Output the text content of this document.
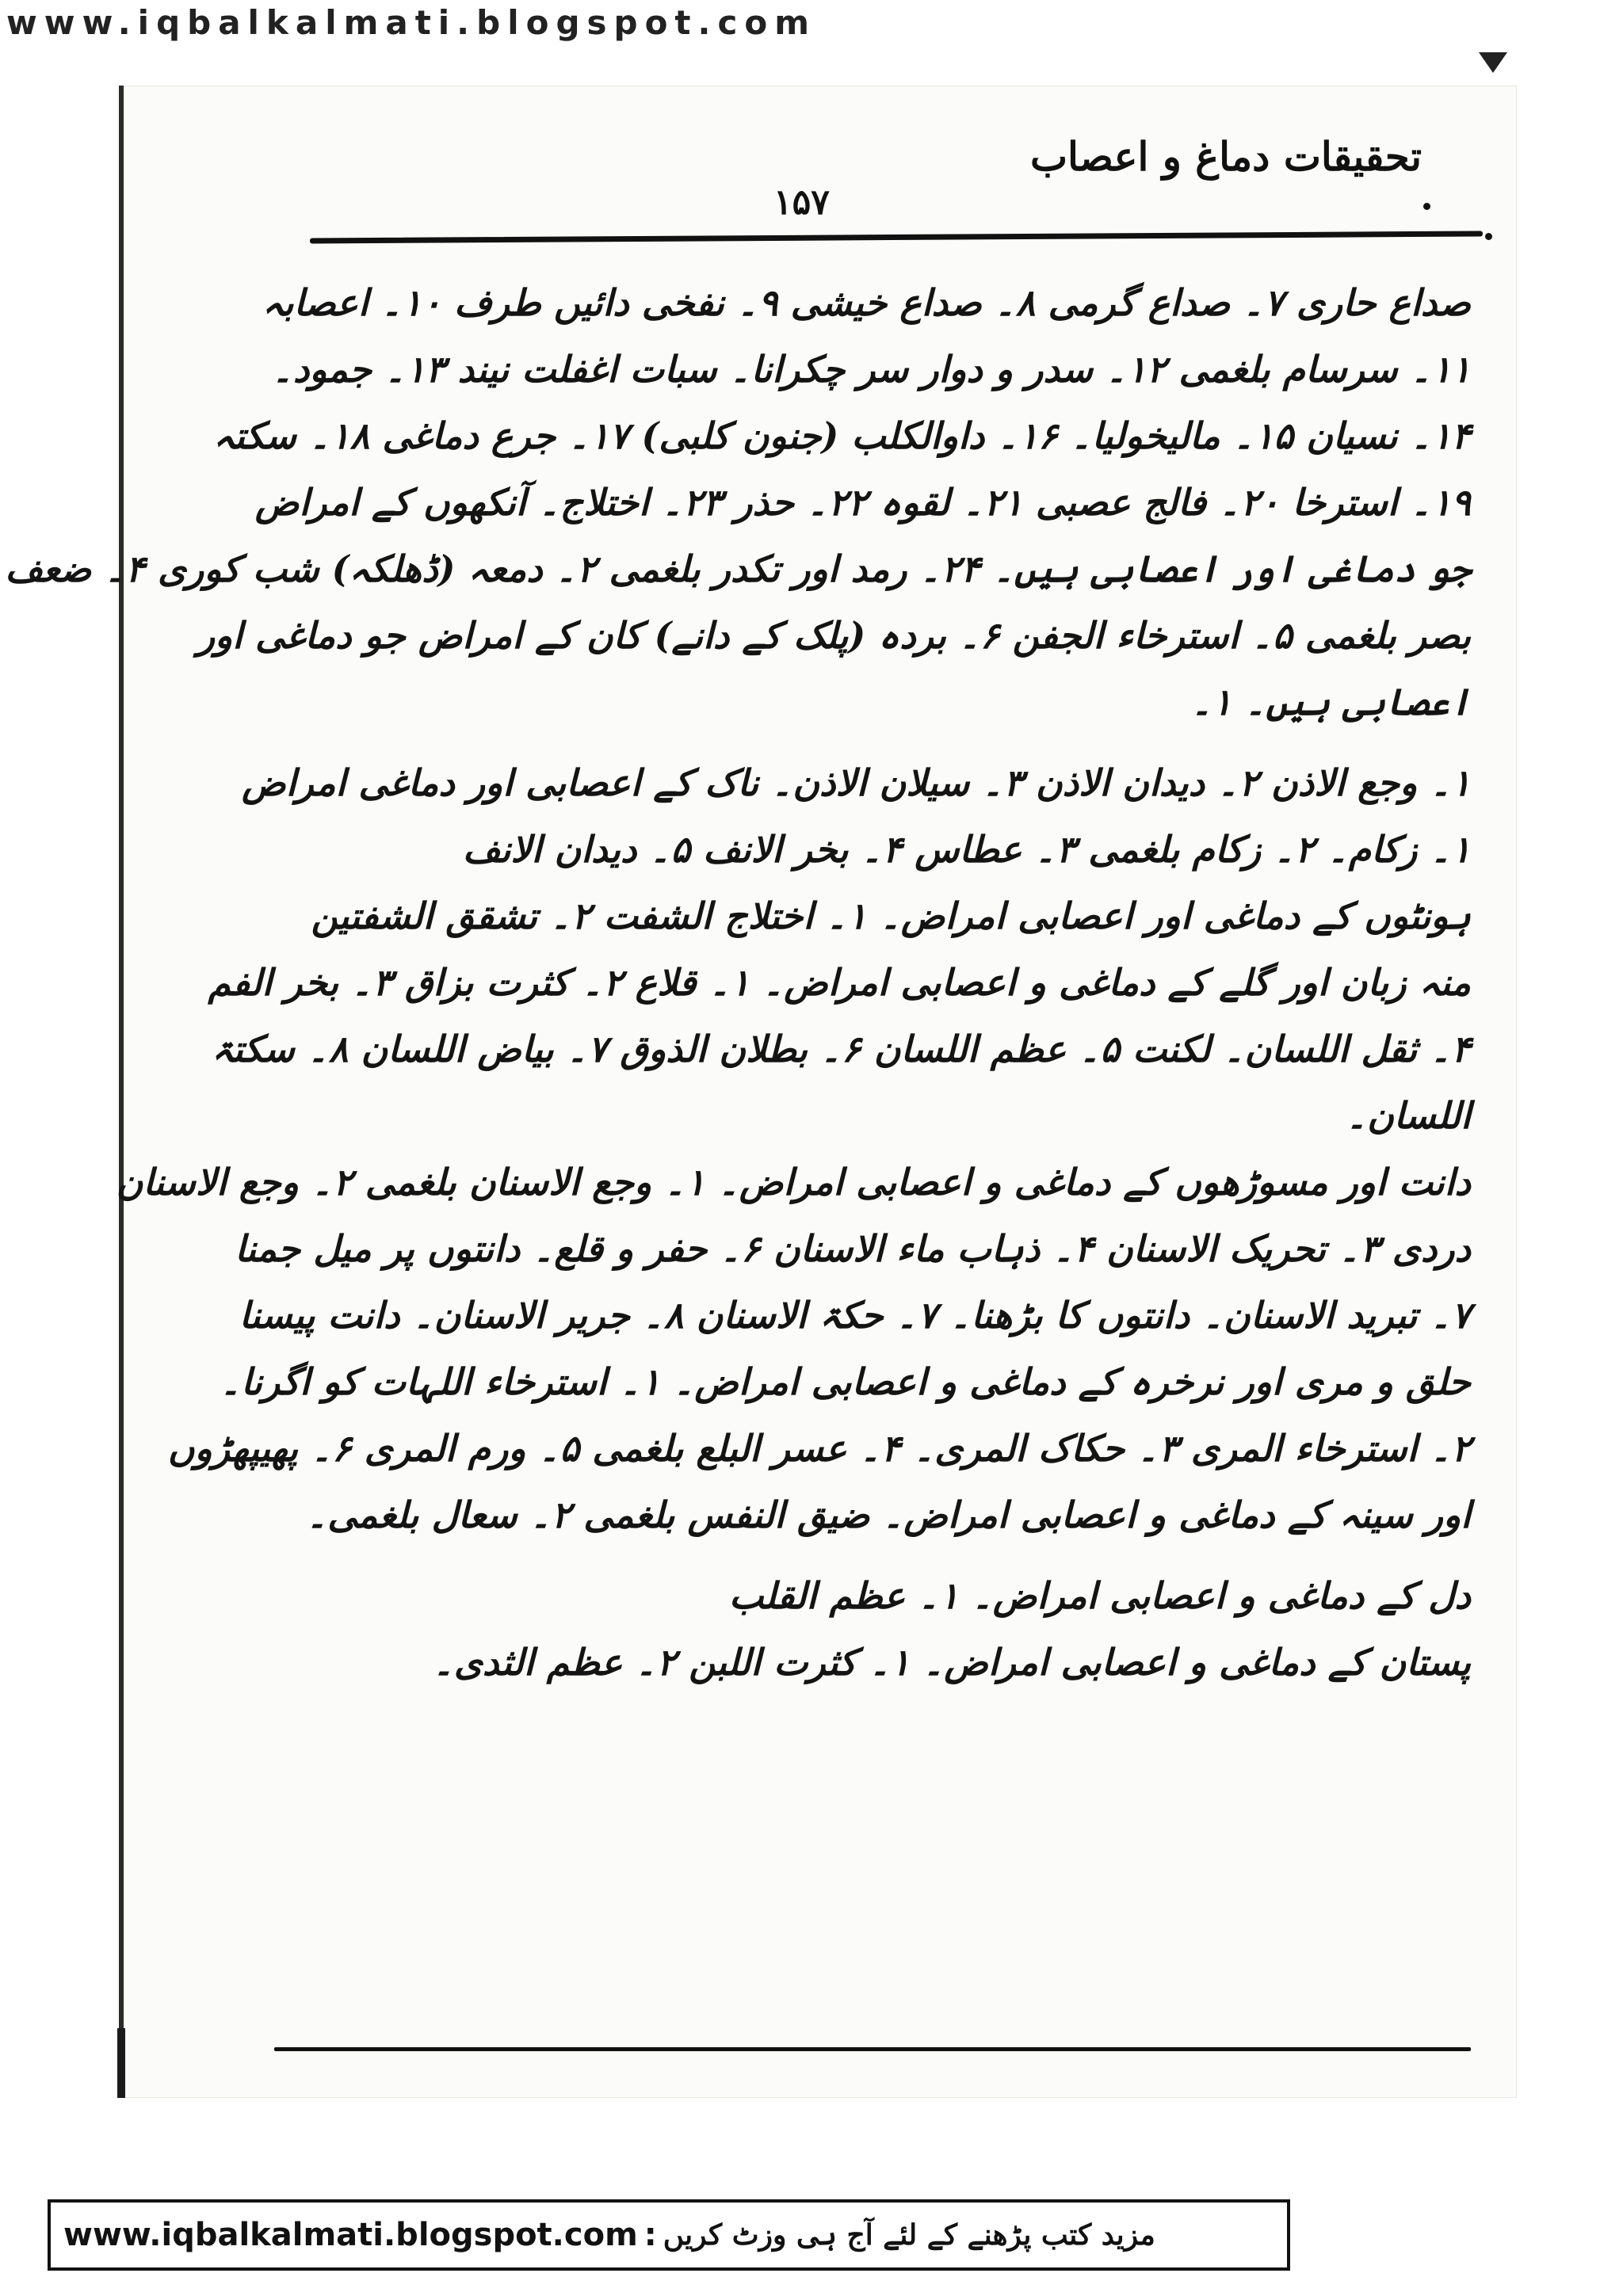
www.iqbalkalmati.blogspot.com
تحقیقات دماغ و اعصاب
۱۵۷
صداع حاری ۷۔ صداع گرمی ۸۔ صداع خیشی ۹۔ نفخی دائیں طرف ۱۰۔ اعصابہ
۱۱۔ سرسام بلغمی ۱۲۔ سدر و دوار سر چکرانا۔ سبات اغفلت نیند ۱۳۔ جمود۔
۱۴۔ نسیان ۱۵۔ مالیخولیا۔ ۱۶۔ داوالکلب (جنون کلبی) ۱۷۔ جرع دماغی ۱۸۔ سکتہ
۱۹۔ استرخا ۲۰۔ فالج عصبی ۲۱۔ لقوہ ۲۲۔ حذر ۲۳۔ اختلاج۔ آنکھوں کے امراض
جو دماغی اور اعصابی ہیں۔ ۲۴۔ رمد اور تکدر بلغمی ۲۔ دمعہ (ڈھلکہ) شب کوری ۴۔ ضعف
بصر بلغمی ۵۔ استرخاء الجفن ۶۔ بردہ (پلک کے دانے) کان کے امراض جو دماغی اور
اعصابی ہیں۔ ۱۔
۱۔ وجع الاذن ۲۔ دیدان الاذن ۳۔ سیلان الاذن۔ ناک کے اعصابی اور دماغی امراض
۱۔ زکام۔ ۲۔ زکام بلغمی ۳۔ عطاس ۴۔ بخر الانف ۵۔ دیدان الانف
ہونٹوں کے دماغی اور اعصابی امراض۔ ۱۔ اختلاج الشفت ۲۔ تشقق الشفتین
منہ زبان اور گلے کے دماغی و اعصابی امراض۔ ۱۔ قلاع ۲۔ کثرت بزاق ۳۔ بخر الفم
۴۔ ثقل اللسان۔ لکنت ۵۔ عظم اللسان ۶۔ بطلان الذوق ۷۔ بیاض اللسان ۸۔ سکتۃ
اللسان۔
دانت اور مسوڑھوں کے دماغی و اعصابی امراض۔ ۱۔ وجع الاسنان بلغمی ۲۔ وجع الاسنان
دردی ۳۔ تحریک الاسنان ۴۔ ذہاب ماء الاسنان ۶۔ حفر و قلع۔ دانتوں پر میل جمنا
۷۔ تبرید الاسنان۔ دانتوں کا بڑھنا۔ ۷۔ حکۃ الاسنان ۸۔ جریر الاسنان۔ دانت پیسنا
حلق و مری اور نرخرہ کے دماغی و اعصابی امراض۔ ۱۔ استرخاء اللہات کو اگرنا۔
۲۔ استرخاء المری ۳۔ حکاک المری۔ ۴۔ عسر البلع بلغمی ۵۔ ورم المری ۶۔ پھیپھڑوں
اور سینہ کے دماغی و اعصابی امراض۔ ضیق النفس بلغمی ۲۔ سعال بلغمی۔
دل کے دماغی و اعصابی امراض۔ ۱۔ عظم القلب
پستان کے دماغی و اعصابی امراض۔ ۱۔ کثرت اللبن ۲۔ عظم الثدی۔
www.iqbalkalmati.blogspot.com : مزید کتب پڑھنے کے لئے آج ہی وزٹ کریں
